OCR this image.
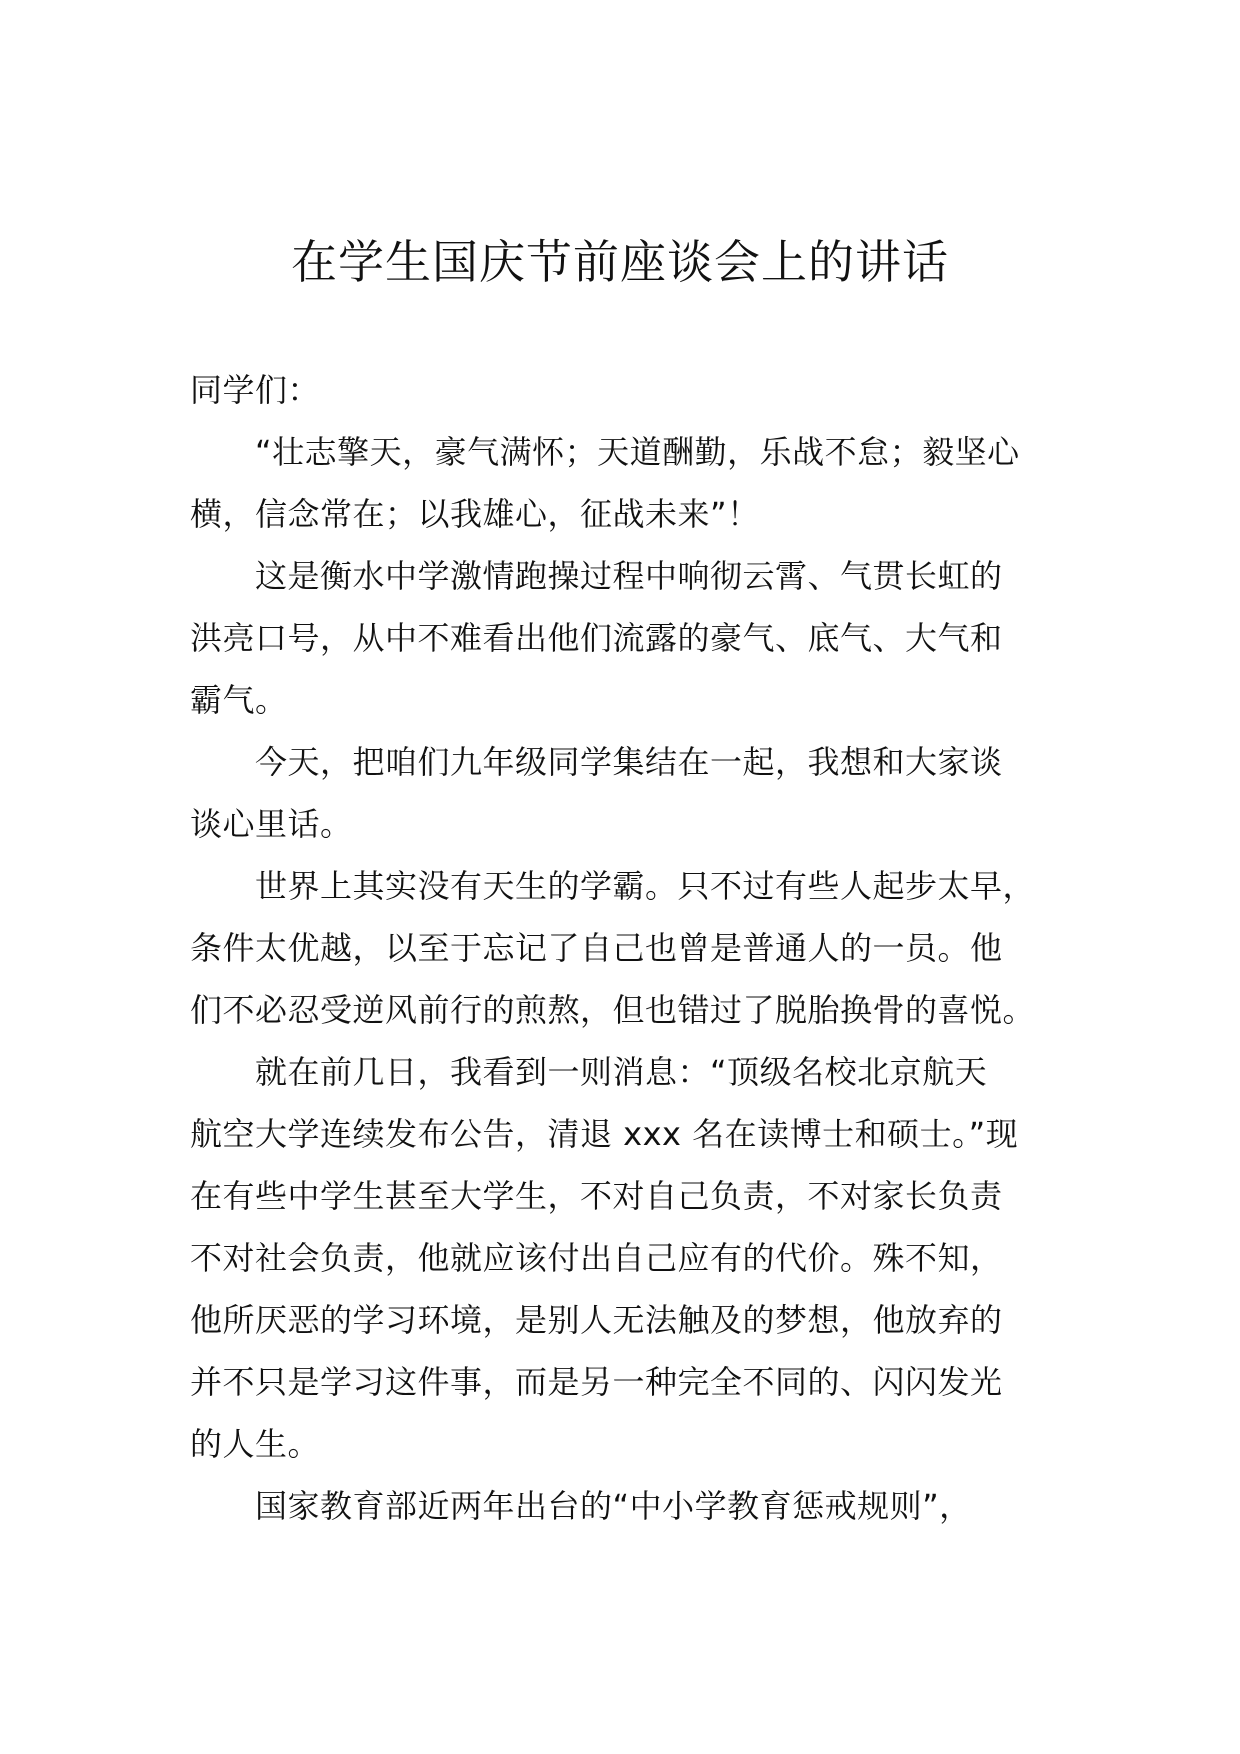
在学生国庆节前座谈会上的讲话

同学们：

“壮志擎天，豪气满怀；天道酬勤，乐战不怠；毅坚心

横，信念常在；以我雄心，征战未来”！

这是衡水中学激情跑操过程中响彻云霄、气贯长虹的

洪亮口号，从中不难看出他们流露的豪气、底气、大气和

霸气。

今天，把咱们九年级同学集结在一起，我想和大家谈

谈心里话。

世界上其实没有天生的学霸。只不过有些人起步太早，

条件太优越，以至于忘记了自己也曾是普通人的一员。他

们不必忍受逆风前行的煎熬，但也错过了脱胎换骨的喜悦。

就在前几日，我看到一则消息：“顶级名校北京航天

航空大学连续发布公告，清退 xxx 名在读博士和硕士。”现

在有些中学生甚至大学生，不对自己负责，不对家长负责

不对社会负责，他就应该付出自己应有的代价。殊不知，

他所厌恶的学习环境，是别人无法触及的梦想，他放弃的

并不只是学习这件事，而是另一种完全不同的、闪闪发光

的人生。

国家教育部近两年出台的“中小学教育惩戒规则”，
